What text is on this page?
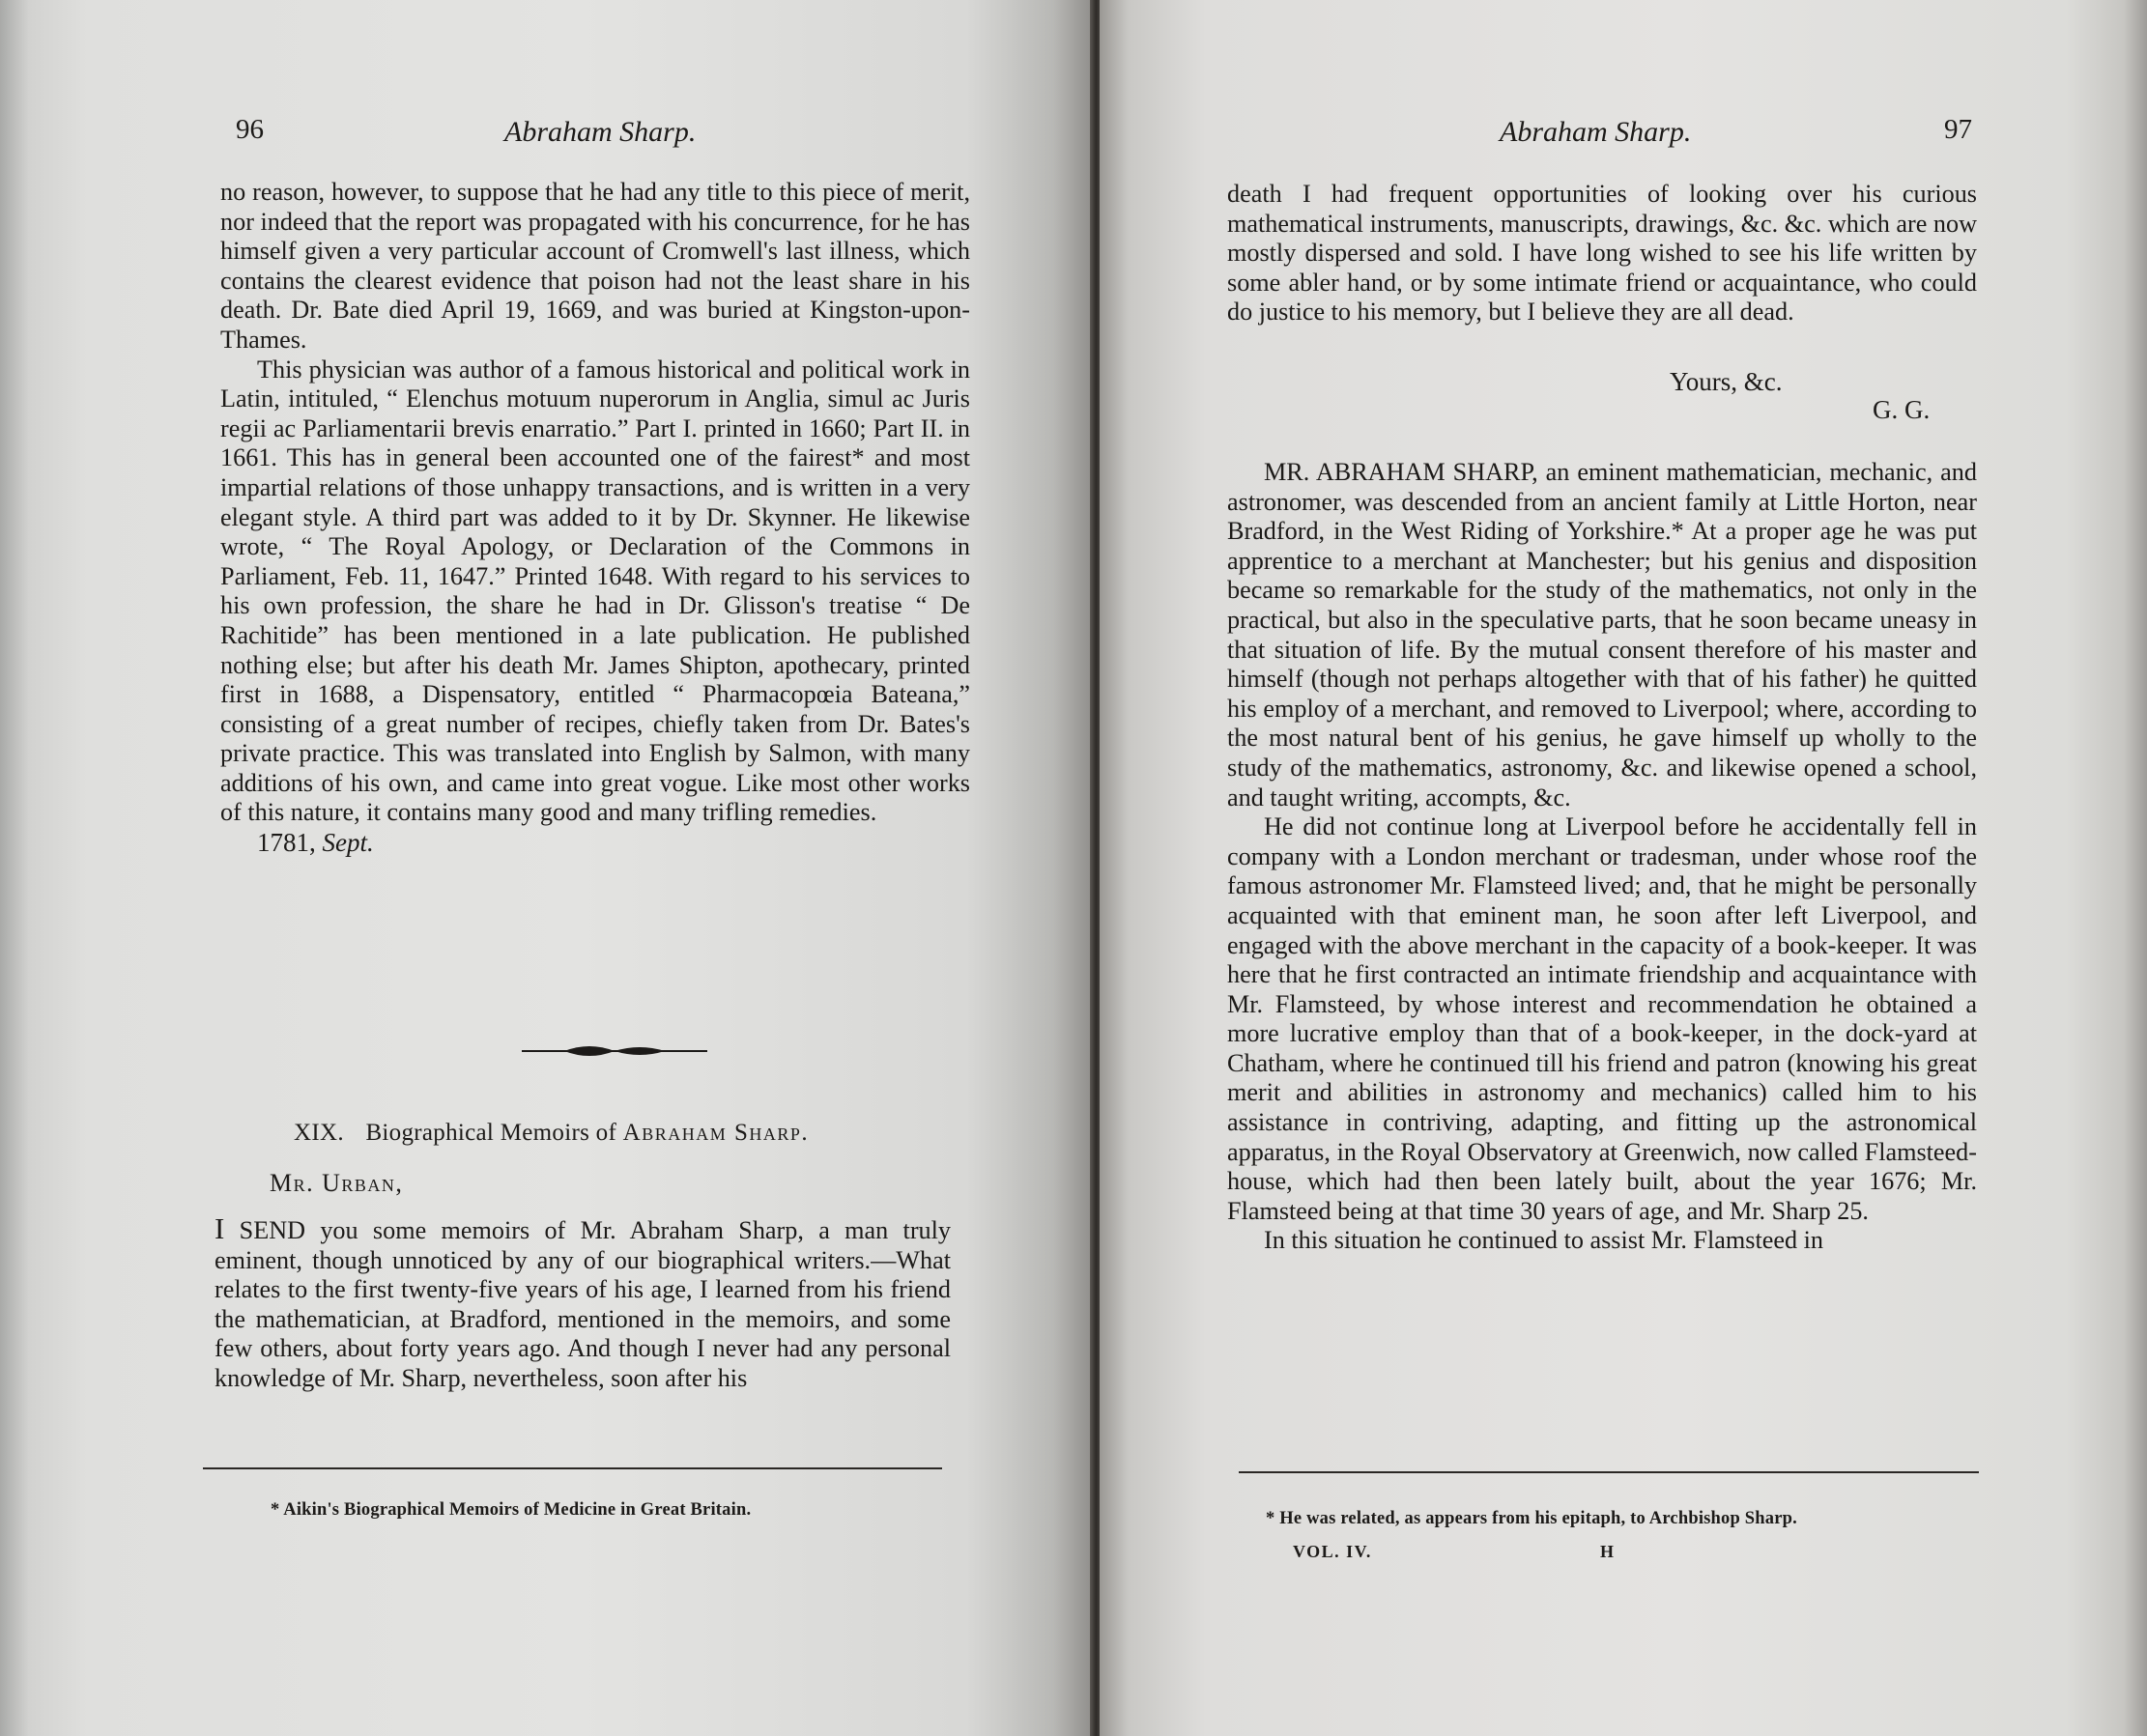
96	Abraham Sharp.

no reason, however, to suppose that he had any title to this piece of merit, nor indeed that the report was propagated with his concurrence, for he has himself given a very particular account of Cromwell's last illness, which contains the clearest evidence that poison had not the least share in his death. Dr. Bate died April 19, 1669, and was buried at Kingston-upon-Thames.

This physician was author of a famous historical and political work in Latin, intituled, “ Elenchus motuum nuperorum in Anglia, simul ac Juris regii ac Parliamentarii brevis enarratio.” Part I. printed in 1660; Part II. in 1661. This has in general been accounted one of the fairest* and most impartial relations of those unhappy transactions, and is written in a very elegant style. A third part was added to it by Dr. Skynner. He likewise wrote, “ The Royal Apology, or Declaration of the Commons in Parliament, Feb. 11, 1647.” Printed 1648. With regard to his services to his own profession, the share he had in Dr. Glisson's treatise “ De Rachitide” has been mentioned in a late publication. He published nothing else; but after his death Mr. James Shipton, apothecary, printed first in 1688, a Dispensatory, entitled “ Pharmacopœia Bateana,” consisting of a great number of recipes, chiefly taken from Dr. Bates's private practice. This was translated into English by Salmon, with many additions of his own, and came into great vogue. Like most other works of this nature, it contains many good and many trifling remedies.

1781, Sept.

XIX. Biographical Memoirs of Abraham Sharp.
Mr. Urban,

I SEND you some memoirs of Mr. Abraham Sharp, a man truly eminent, though unnoticed by any of our biographical writers.—What relates to the first twenty-five years of his age, I learned from his friend the mathematician, at Bradford, mentioned in the memoirs, and some few others, about forty years ago. And though I never had any personal knowledge of Mr. Sharp, nevertheless, soon after his

* Aikin's Biographical Memoirs of Medicine in Great Britain.
Abraham Sharp.	97

death I had frequent opportunities of looking over his curious mathematical instruments, manuscripts, drawings, &c. &c. which are now mostly dispersed and sold. I have long wished to see his life written by some abler hand, or by some intimate friend or acquaintance, who could do justice to his memory, but I believe they are all dead.

Yours, &c.
G. G.

MR. ABRAHAM SHARP, an eminent mathematician, mechanic, and astronomer, was descended from an ancient family at Little Horton, near Bradford, in the West Riding of Yorkshire.* At a proper age he was put apprentice to a merchant at Manchester; but his genius and disposition became so remarkable for the study of the mathematics, not only in the practical, but also in the speculative parts, that he soon became uneasy in that situation of life. By the mutual consent therefore of his master and himself (though not perhaps altogether with that of his father) he quitted his employ of a merchant, and removed to Liverpool; where, according to the most natural bent of his genius, he gave himself up wholly to the study of the mathematics, astronomy, &c. and likewise opened a school, and taught writing, accompts, &c.

He did not continue long at Liverpool before he accidentally fell in company with a London merchant or tradesman, under whose roof the famous astronomer Mr. Flamsteed lived; and, that he might be personally acquainted with that eminent man, he soon after left Liverpool, and engaged with the above merchant in the capacity of a book-keeper. It was here that he first contracted an intimate friendship and acquaintance with Mr. Flamsteed, by whose interest and recommendation he obtained a more lucrative employ than that of a book-keeper, in the dock-yard at Chatham, where he continued till his friend and patron (knowing his great merit and abilities in astronomy and mechanics) called him to his assistance in contriving, adapting, and fitting up the astronomical apparatus, in the Royal Observatory at Greenwich, now called Flamsteed-house, which had then been lately built, about the year 1676; Mr. Flamsteed being at that time 30 years of age, and Mr. Sharp 25.

In this situation he continued to assist Mr. Flamsteed in

* He was related, as appears from his epitaph, to Archbishop Sharp.
VOL. IV.	H
